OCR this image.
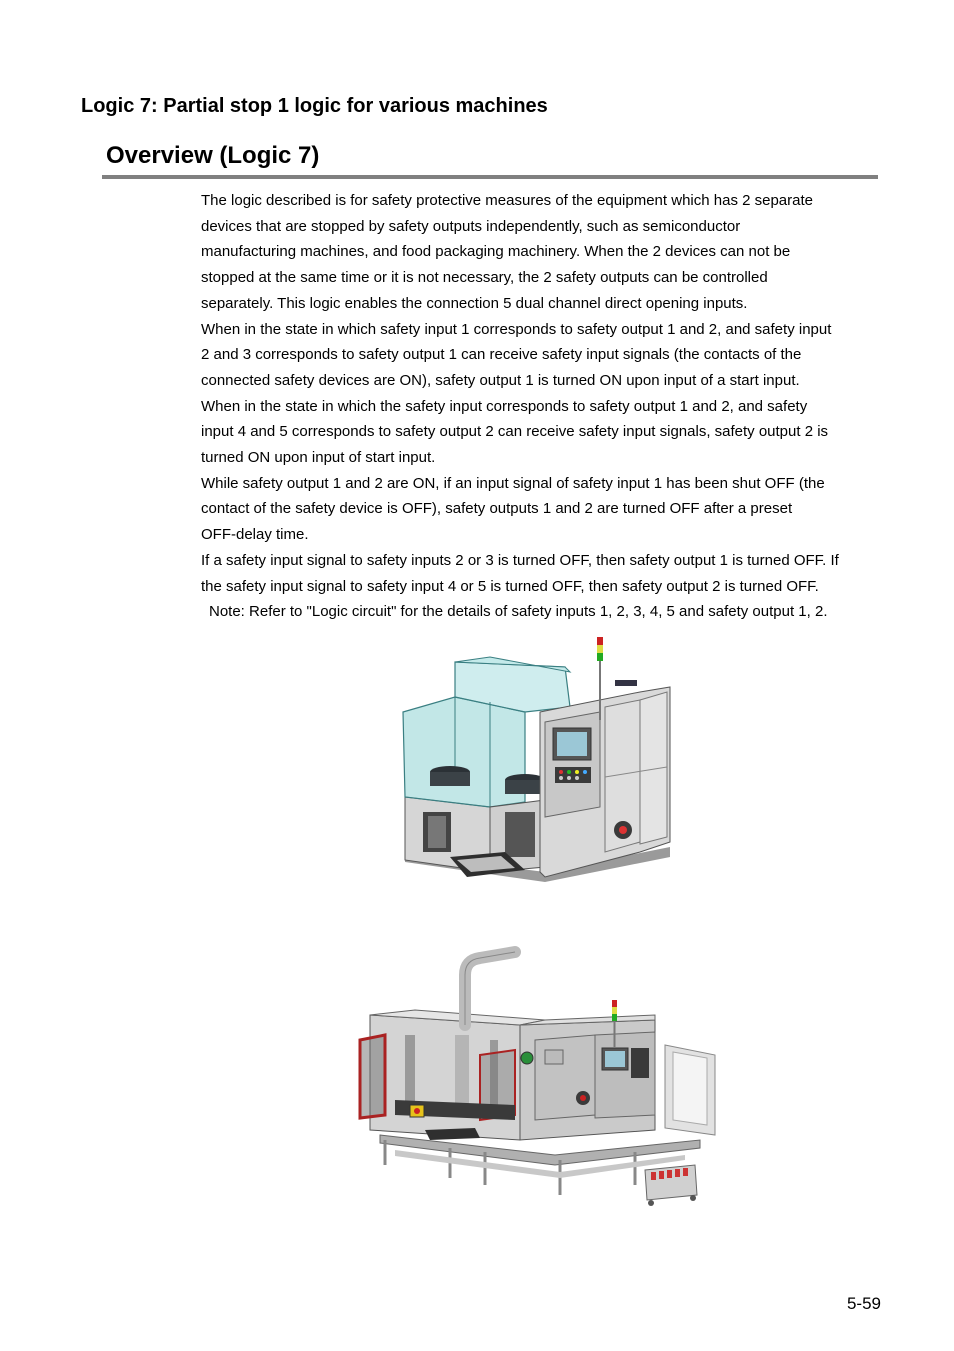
Logic 7: Partial stop 1 logic for various machines
Overview (Logic 7)
The logic described is for safety protective measures of the equipment which has 2 separate
devices that are stopped by safety outputs independently, such as semiconductor
manufacturing machines, and food packaging machinery. When the 2 devices can not be
stopped at the same time or it is not necessary, the 2 safety outputs can be controlled
separately. This logic enables the connection 5 dual channel direct opening inputs.
When in the state in which safety input 1 corresponds to safety output 1 and 2, and safety input
2 and 3 corresponds to safety output 1 can receive safety input signals (the contacts of the
connected safety devices are ON), safety output 1 is turned ON upon input of a start input.
When in the state in which the safety input corresponds to safety output 1 and 2, and safety
input 4 and 5 corresponds to safety output 2 can receive safety input signals, safety output 2 is
turned ON upon input of start input.
While safety output 1 and 2 are ON, if an input signal of safety input 1 has been shut OFF (the
contact of the safety device is OFF), safety outputs 1 and 2 are turned OFF after a preset
OFF-delay time.
If a safety input signal to safety inputs 2 or 3 is turned OFF, then safety output 1 is turned OFF. If
the safety input signal to safety input 4 or 5 is turned OFF, then safety output 2 is turned OFF.
Note: Refer to "Logic circuit" for the details of safety inputs 1, 2, 3, 4, 5 and safety output 1, 2.
5-59
